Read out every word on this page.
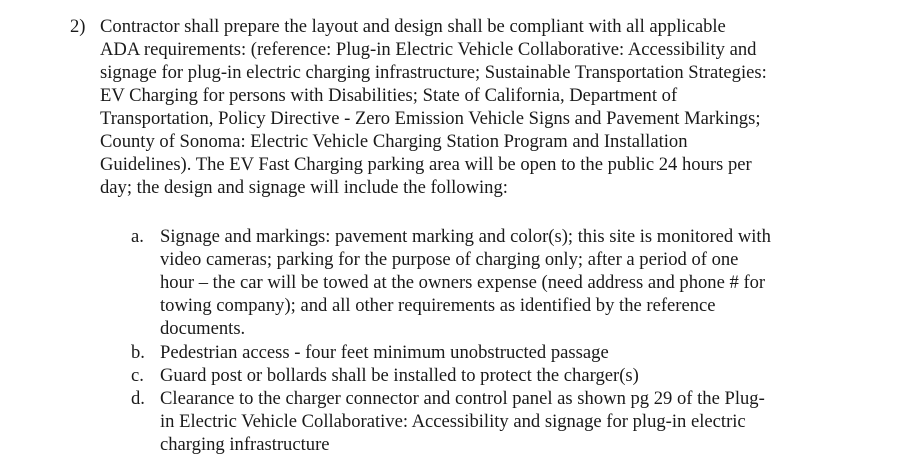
2) Contractor shall prepare the layout and design shall be compliant with all applicable
ADA requirements: (reference: Plug-in Electric Vehicle Collaborative: Accessibility and
signage for plug-in electric charging infrastructure; Sustainable Transportation Strategies:
EV Charging for persons with Disabilities; State of California, Department of
Transportation, Policy Directive - Zero Emission Vehicle Signs and Pavement Markings;
County of Sonoma: Electric Vehicle Charging Station Program and Installation
Guidelines). The EV Fast Charging parking area will be open to the public 24 hours per
day; the design and signage will include the following:
a. Signage and markings: pavement marking and color(s); this site is monitored with
video cameras; parking for the purpose of charging only; after a period of one
hour – the car will be towed at the owners expense (need address and phone # for
towing company); and all other requirements as identified by the reference
documents.
b. Pedestrian access - four feet minimum unobstructed passage
c. Guard post or bollards shall be installed to protect the charger(s)
d. Clearance to the charger connector and control panel as shown pg 29 of the Plug-
in Electric Vehicle Collaborative: Accessibility and signage for plug-in electric
charging infrastructure
